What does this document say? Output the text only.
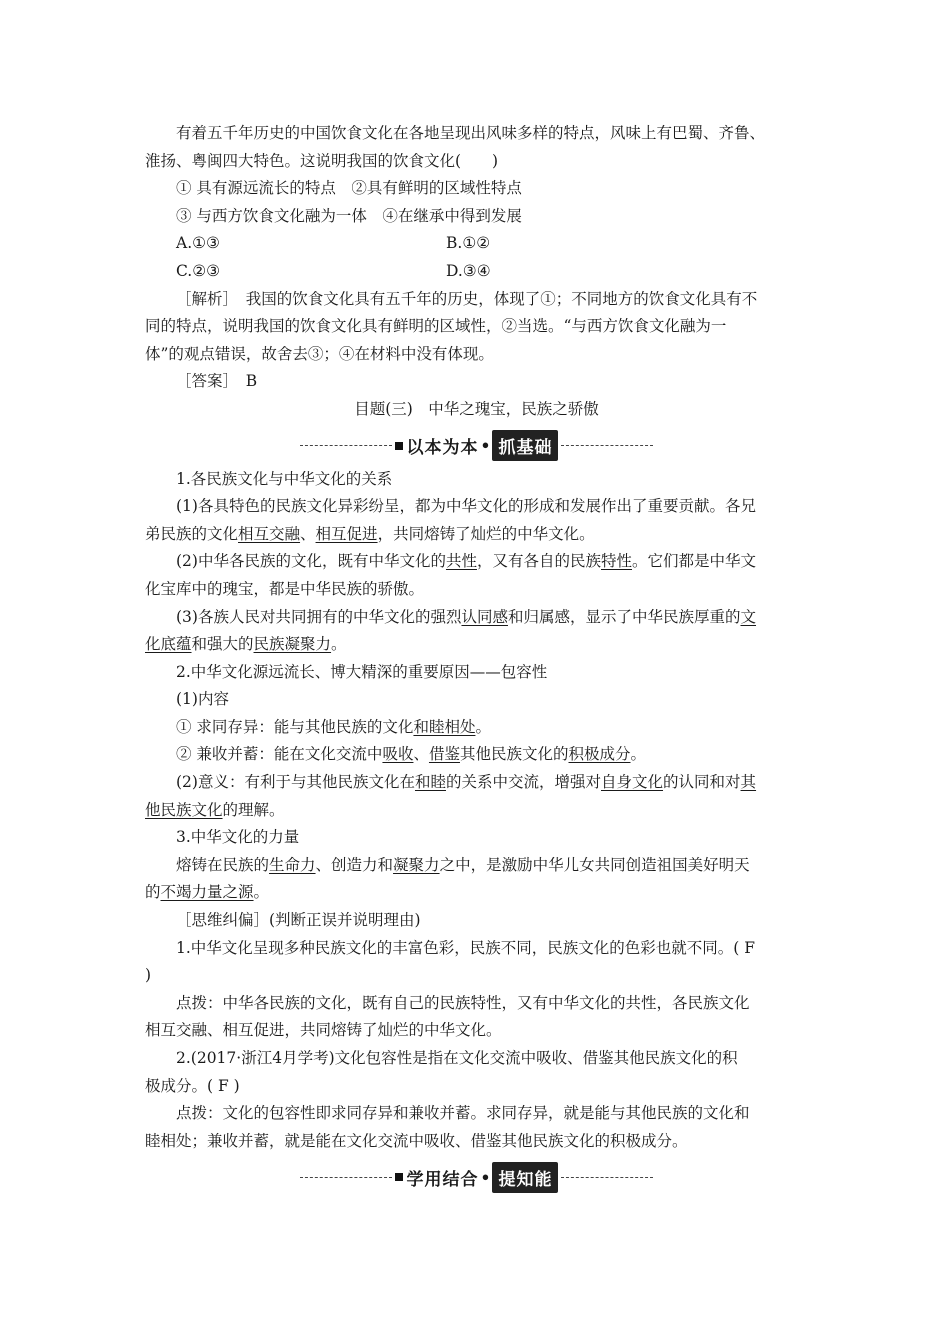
有着五千年历史的中国饮食文化在各地呈现出风味多样的特点，风味上有巴蜀、齐鲁、
淮扬、粤闽四大特色。这说明我国的饮食文化(　　)
① 具有源远流长的特点　②具有鲜明的区域性特点
③ 与西方饮食文化融为一体　④在继承中得到发展
A.①③	B.①②
C.②③	D.③④
［解析］　我国的饮食文化具有五千年的历史，体现了①；不同地方的饮食文化具有不
同的特点，说明我国的饮食文化具有鲜明的区域性，②当选。“与西方饮食文化融为一
体”的观点错误，故舍去③；④在材料中没有体现。
［答案］　B
目题(三)　中华之瑰宝，民族之骄傲
以本为本 • 抓基础
1.各民族文化与中华文化的关系
(1)各具特色的民族文化异彩纷呈，都为中华文化的形成和发展作出了重要贡献。各兄
弟民族的文化相互交融、相互促进，共同熔铸了灿烂的中华文化。
(2)中华各民族的文化，既有中华文化的共性，又有各自的民族特性。它们都是中华文
化宝库中的瑰宝，都是中华民族的骄傲。
(3)各族人民对共同拥有的中华文化的强烈认同感和归属感，显示了中华民族厚重的文
化底蕴和强大的民族凝聚力。
2.中华文化源远流长、博大精深的重要原因——包容性
(1)内容
① 求同存异：能与其他民族的文化和睦相处。
② 兼收并蓄：能在文化交流中吸收、借鉴其他民族文化的积极成分。
(2)意义：有利于与其他民族文化在和睦的关系中交流，增强对自身文化的认同和对其
他民族文化的理解。
3.中华文化的力量
熔铸在民族的生命力、创造力和凝聚力之中，是激励中华儿女共同创造祖国美好明天
的不竭力量之源。
［思维纠偏］(判断正误并说明理由)
1.中华文化呈现多种民族文化的丰富色彩，民族不同，民族文化的色彩也就不同。( F
)
点拨：中华各民族的文化，既有自己的民族特性，又有中华文化的共性，各民族文化
相互交融、相互促进，共同熔铸了灿烂的中华文化。
2.(2017·浙江4月学考)文化包容性是指在文化交流中吸收、借鉴其他民族文化的积
极成分。( F )
点拨：文化的包容性即求同存异和兼收并蓄。求同存异，就是能与其他民族的文化和
睦相处；兼收并蓄，就是能在文化交流中吸收、借鉴其他民族文化的积极成分。
学用结合 • 提知能
